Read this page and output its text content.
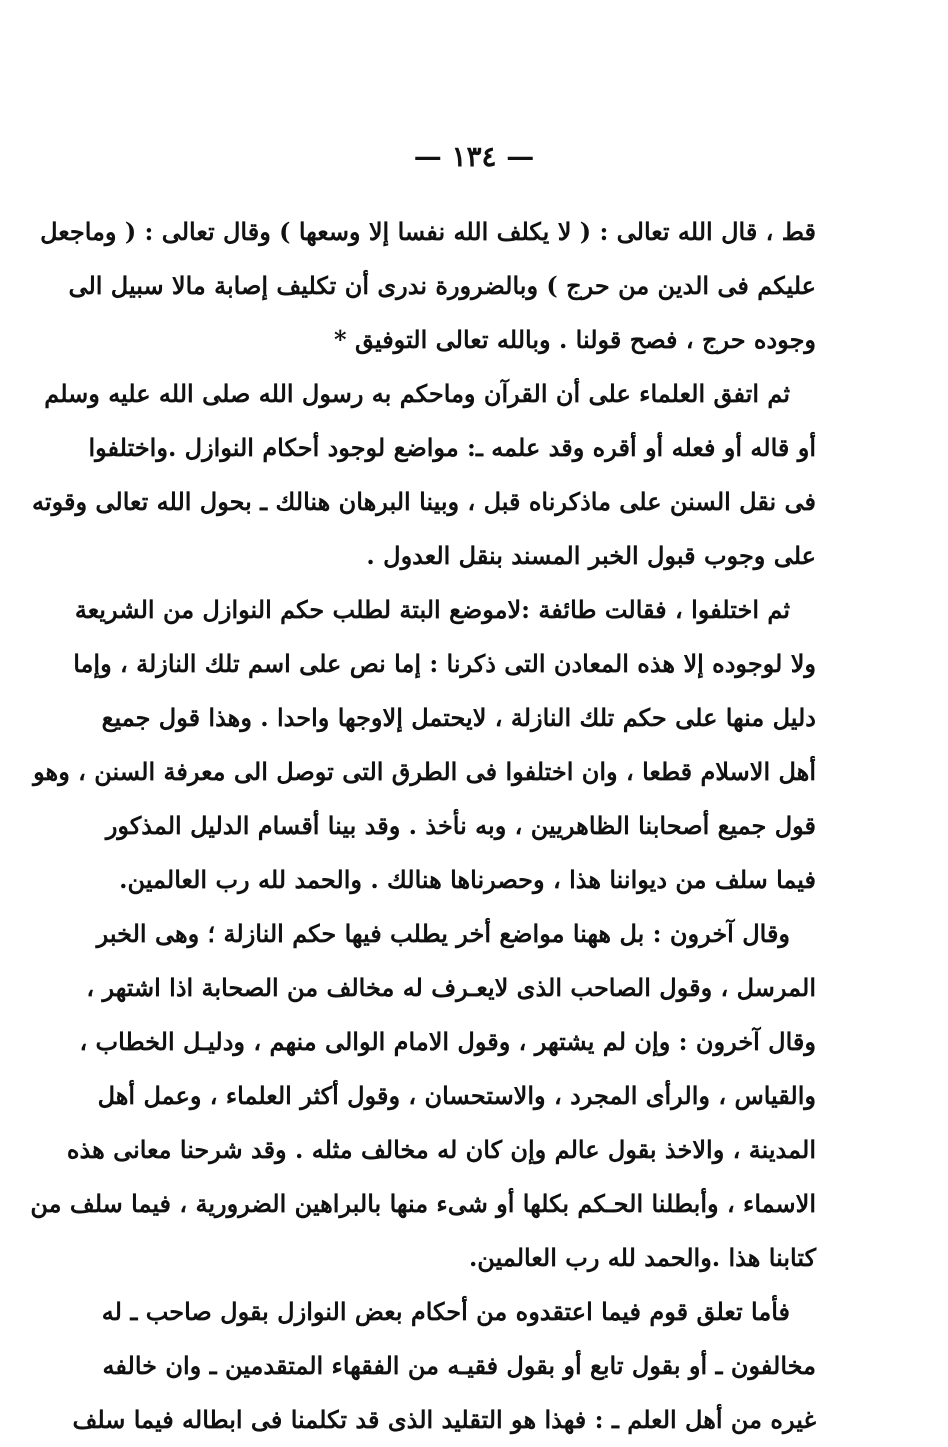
— ١٣٤ —
قط ، قال الله تعالى : ( لا يكلف الله نفسا إلا وسعها ) وقال تعالى : ( وماجعل
عليكم فى الدين من حرج ) وبالضرورة ندرى أن تكليف إصابة مالا سبيل الى
وجوده حرج ، فصح قولنا . وبالله تعالى التوفيق *
ثم اتفق العلماء على أن القرآن وماحكم به رسول الله صلى الله عليه وسلم
أو قاله أو فعله أو أقره وقد علمه ـ: مواضع لوجود أحكام النوازل .واختلفوا
فى نقل السنن على ماذكرناه قبل ، وبينا البرهان هنالك ـ بحول الله تعالى وقوته
على وجوب قبول الخبر المسند بنقل العدول .
ثم اختلفوا ، فقالت طائفة :لاموضع البتة لطلب حكم النوازل من الشريعة
ولا لوجوده إلا هذه المعادن التى ذكرنا : إما نص على اسم تلك النازلة ، وإما
دليل منها على حكم تلك النازلة ، لايحتمل إلاوجها واحدا . وهذا قول جميع
أهل الاسلام قطعا ، وان اختلفوا فى الطرق التى توصل الى معرفة السنن ، وهو
قول جميع أصحابنا الظاهريين ، وبه نأخذ . وقد بينا أقسام الدليل المذكور
فيما سلف من ديواننا هذا ، وحصرناها هنالك . والحمد لله رب العالمين.
وقال آخرون : بل ههنا مواضع أخر يطلب فيها حكم النازلة ؛ وهى الخبر
المرسل ، وقول الصاحب الذى لايعـرف له مخالف من الصحابة اذا اشتهر ،
وقال آخرون : وإن لم يشتهر ، وقول الامام الوالى منهم ، ودليـل الخطاب ،
والقياس ، والرأى المجرد ، والاستحسان ، وقول أكثر العلماء ، وعمل أهل
المدينة ، والاخذ بقول عالم وإن كان له مخالف مثله . وقد شرحنا معانى هذه
الاسماء ، وأبطلنا الحـكم بكلها أو شىء منها بالبراهين الضرورية ، فيما سلف من
كتابنا هذا .والحمد لله رب العالمين.
فأما تعلق قوم فيما اعتقدوه من أحكام بعض النوازل بقول صاحب ـ له
مخالفون ـ أو بقول تابع أو بقول فقيـه من الفقهاء المتقدمين ـ وان خالفه
غيره من أهل العلم ـ : فهذا هو التقليد الذى قد تكلمنا فى ابطاله فيما سلف
